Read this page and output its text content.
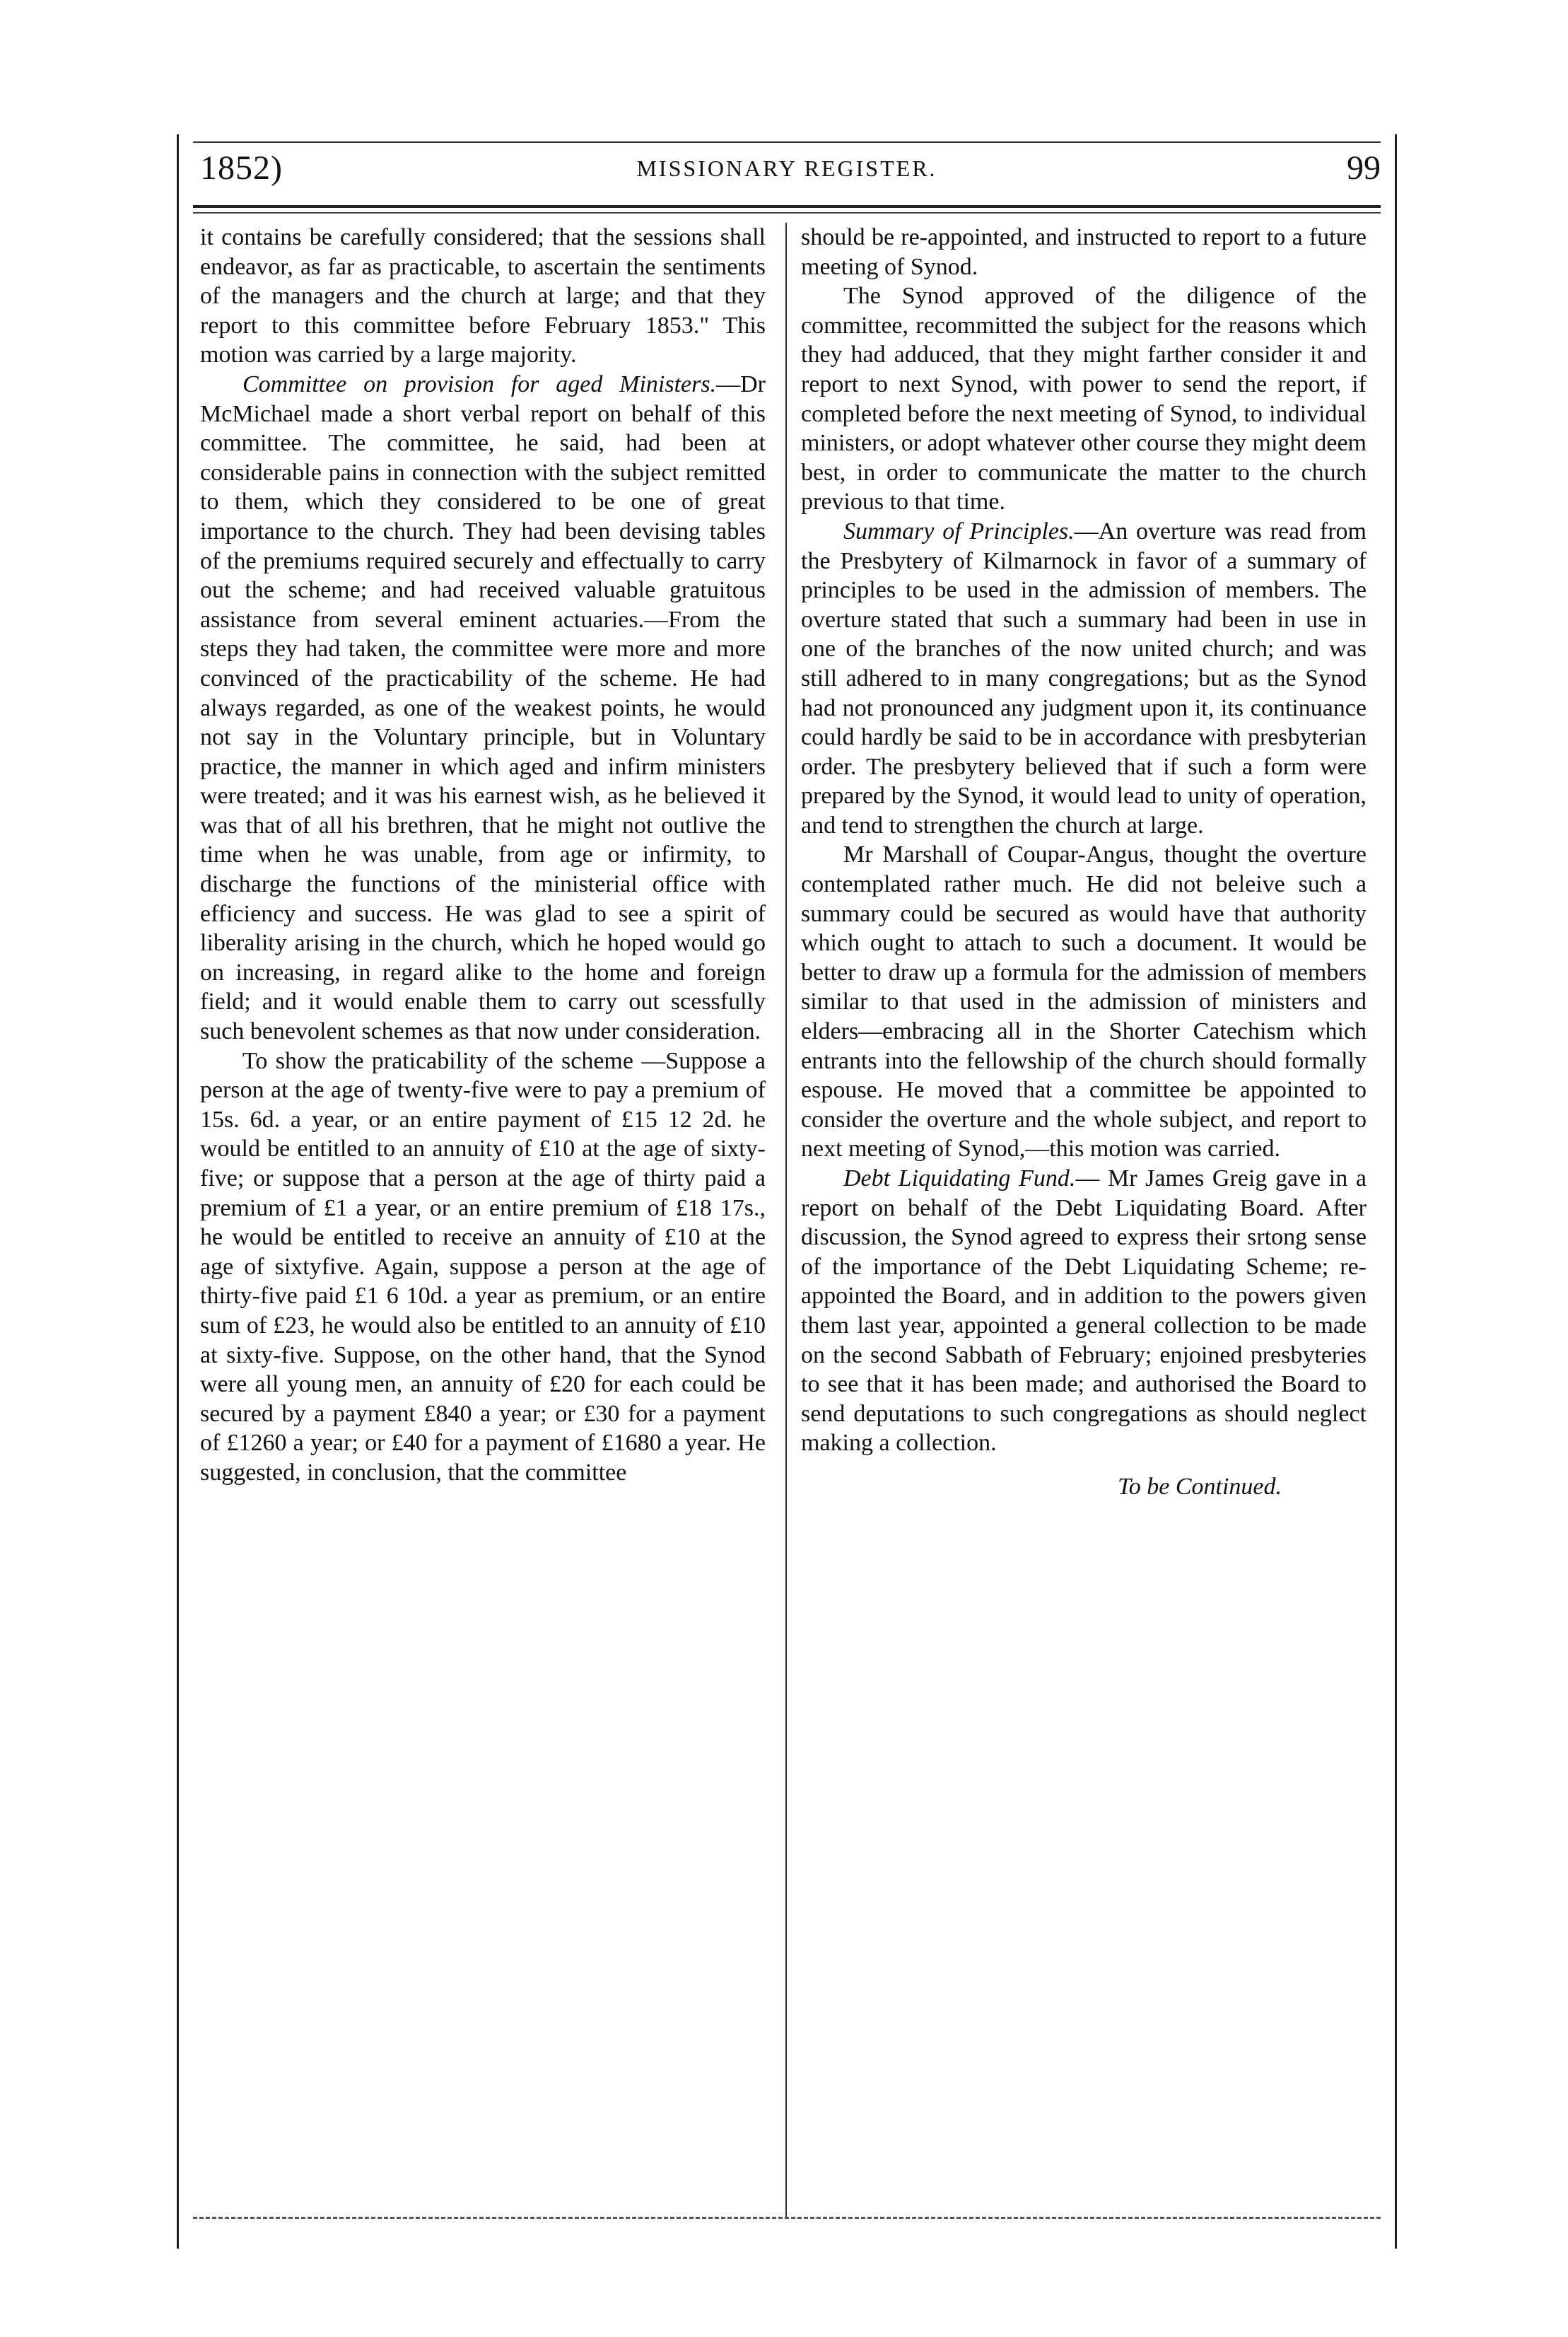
1852)	MISSIONARY REGISTER.	99

it contains be carefully considered; that the sessions shall endeavor, as far as practicable, to ascertain the sentiments of the managers and the church at large; and that they report to this committee before February 1853." This motion was carried by a large majority.

Committee on provision for aged Ministers.—Dr McMichael made a short verbal report on behalf of this committee. The committee, he said, had been at considerable pains in connection with the subject remitted to them, which they considered to be one of great importance to the church. They had been devising tables of the premiums required securely and effectually to carry out the scheme; and had received valuable gratuitous assistance from several eminent actuaries.—From the steps they had taken, the committee were more and more convinced of the practicability of the scheme. He had always regarded, as one of the weakest points, he would not say in the Voluntary principle, but in Voluntary practice, the manner in which aged and infirm ministers were treated; and it was his earnest wish, as he believed it was that of all his brethren, that he might not outlive the time when he was unable, from age or infirmity, to discharge the functions of the ministerial office with efficiency and success. He was glad to see a spirit of liberality arising in the church, which he hoped would go on increasing, in regard alike to the home and foreign field; and it would enable them to carry out scessfully such benevolent schemes as that now under consideration.

To show the praticability of the scheme —Suppose a person at the age of twenty-five were to pay a premium of 15s. 6d. a year, or an entire payment of £15 12 2d. he would be entitled to an annuity of £10 at the age of sixty-five; or suppose that a person at the age of thirty paid a premium of £1 a year, or an entire premium of £18 17s., he would be entitled to receive an annuity of £10 at the age of sixtyfive. Again, suppose a person at the age of thirty-five paid £1 6 10d. a year as premium, or an entire sum of £23, he would also be entitled to an annuity of £10 at sixty-five. Suppose, on the other hand, that the Synod were all young men, an annuity of £20 for each could be secured by a payment £840 a year; or £30 for a payment of £1260 a year; or £40 for a payment of £1680 a year. He suggested, in conclusion, that the committee

should be re-appointed, and instructed to report to a future meeting of Synod.

The Synod approved of the diligence of the committee, recommitted the subject for the reasons which they had adduced, that they might farther consider it and report to next Synod, with power to send the report, if completed before the next meeting of Synod, to individual ministers, or adopt whatever other course they might deem best, in order to communicate the matter to the church previous to that time.

Summary of Principles.—An overture was read from the Presbytery of Kilmarnock in favor of a summary of principles to be used in the admission of members. The overture stated that such a summary had been in use in one of the branches of the now united church; and was still adhered to in many congregations; but as the Synod had not pronounced any judgment upon it, its continuance could hardly be said to be in accordance with presbyterian order. The presbytery believed that if such a form were prepared by the Synod, it would lead to unity of operation, and tend to strengthen the church at large.

Mr Marshall of Coupar-Angus, thought the overture contemplated rather much. He did not beleive such a summary could be secured as would have that authority which ought to attach to such a document. It would be better to draw up a formula for the admission of members similar to that used in the admission of ministers and elders—embracing all in the Shorter Catechism which entrants into the fellowship of the church should formally espouse. He moved that a committee be appointed to consider the overture and the whole subject, and report to next meeting of Synod,—this motion was carried.

Debt Liquidating Fund.— Mr James Greig gave in a report on behalf of the Debt Liquidating Board. After discussion, the Synod agreed to express their srtong sense of the importance of the Debt Liquidating Scheme; re-appointed the Board, and in addition to the powers given them last year, appointed a general collection to be made on the second Sabbath of February; enjoined presbyteries to see that it has been made; and authorised the Board to send deputations to such congregations as should neglect making a collection.

To be Continued.
